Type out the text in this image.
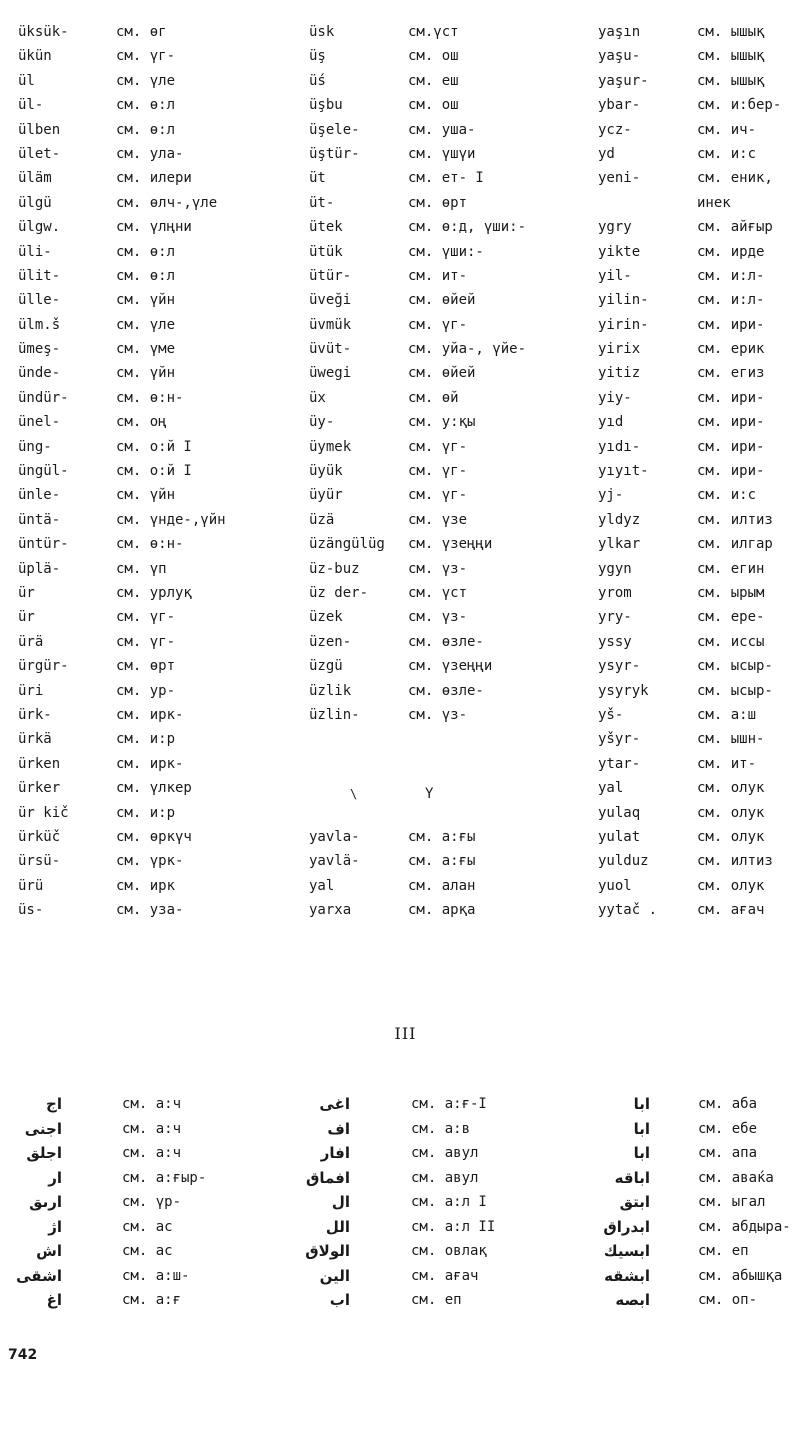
üksük-	см. өг
ükün	см. үг-
ül	см. үле
ül-	см. ө:л
ülben	см. ө:л
ület-	см. ула-
üläm	см. илери
ülgü	см. өлч-,үле
ülgw.	см. үлңни
üli-	см. ө:л
ülit-	см. ө:л
ülle-	см. үйн
ülm.š	см. үле
ümeş-	см. үме
ünde-	см. үйн
ündür-	см. ө:н-
ünel-	см. оң
üng-	см. о:й I
üngül-	см. о:й I
ünle-	см. үйн
üntä-	см. үнде-,үйн
üntür-	см. ө:н-
üplä-	см. үп
ür	см. урлуқ
ür	см. үг-
ürä	см. үг-
ürgür-	см. өрт
üri	см. ур-
ürk-	см. ирк-
ürkä	см. и:р
ürken	см. ирк-
ürker	см. үлкер
ür kič	см. и:р
ürküč	см. өркүч
ürsü-	см. үрк-
ürü	см. ирк
üs-	см. уза-
üsk	см.үст
üş	см. ош
üś	см. еш
üşbu	см. ош
üşele-	см. уша-
üştür-	см. үшүи
üt	см. ет- I
üt-	см. өрт
ütek	см. ө:д, үши:-
ütük	см. үши:-
ütür-	см. ит-
üveği	см. өйей
üvmük	см. үг-
üvüt-	см. уйа-, үйе-
üwegi	см. өйей
üx	см. өй
üy-	см. у:қы
üymek	см. үг-
üyük	см. үг-
üyür	см. үг-
üzä	см. үзе
üzängülüg см. үзеңңи
üz-buz	см. үз-
üz der-	см. үст
üzek	см. үз-
üzen-	см. өзле-
üzgü	см. үзеңңи
üzlik	см. өзле-
üzlin-	см. үз-
yavla-	см. а:ғы
yavlä-	см. а:ғы
yal	см. алан
yarxa	см. арқа
yaşın	см. ышық
yaşu-	см. ышық
yaşur-	см. ышық
ybar-	см. и:бер-
ycz-	см. ич-
yd	см. и:с
yeni-	см. еник,
инек
ygry	см. айғыр
yikte	см. ирде
yil-	см. и:л-
yilin-	см. и:л-
yirin-	см. ири-
yirix	см. ерик
yitiz	см. егиз
yiy-	см. ири-
yıd	см. ири-
yıdı-	см. ири-
yıyıt-	см. ири-
yj-	см. и:с
yldyz	см. илтиз
ylkar	см. илгар
ygyn	см. егин
yrom	см. ырым
yry-	см. ере-
yssy	см. иссы
ysyr-	см. ысыр-
ysyryk	см. ысыр-
yš-	см. а:ш
yšyr-	см. ышн-
ytar-	см. ит-
yal	см. олук
yulaq	см. олук
yulat	см. олук
yulduz	см. илтиз
yuol	см. олук
yytač .	см. ағач
\	Y
III
اج	см. а:ч
اجنى	см. а:ч
اجلق	см. а:ч
ار	см. а:ғыр-
ارىق	см. үр-
اژ	см. ас
اش	см. ас
اشقى	см. а:ш-
اغ	см. а:ғ
اغى	см. а:ғ-I
اف	см. а:в
افار	см. авул
افماق	см. авул
ال	см. а:л I
الل	см. а:л II
الولاق	см. овлақ
الين	см. ағач
اب	см. еп
ابا	см. аба
ابا	см. ебе
ابا	см. апа
اباقه	см. аваќа
ابتق	см. ыгал
ابدراق	см. абдыра-
ابسيك	см. еп
ابشقه	см. абышқа
ابصه	см. оп-
742
